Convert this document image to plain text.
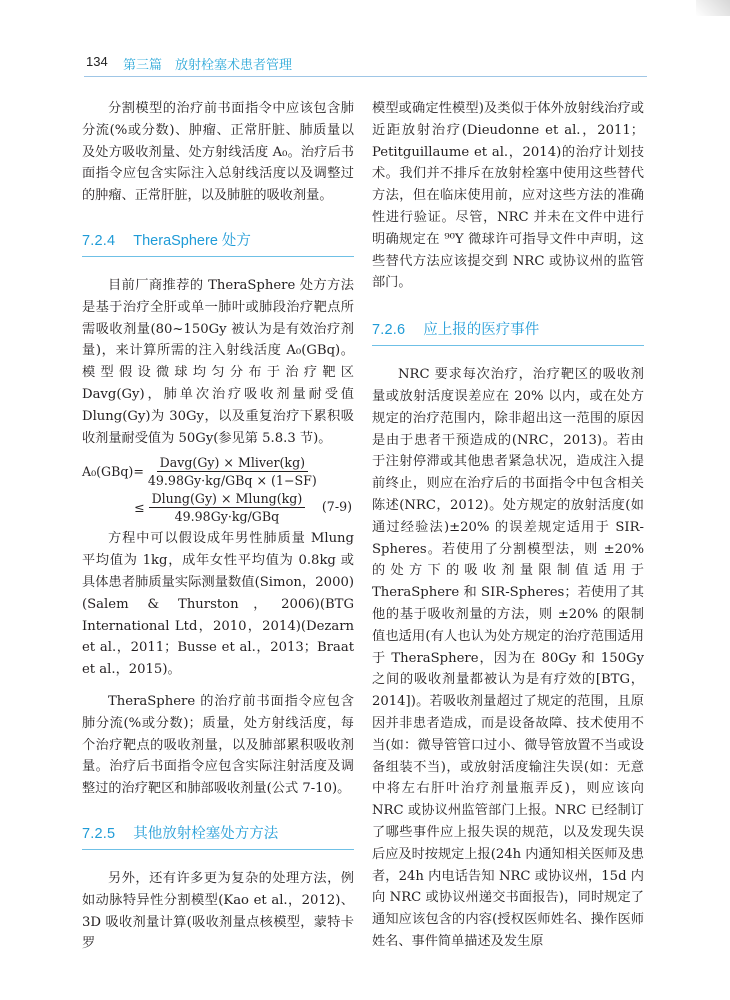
134 第三篇　放射栓塞术患者管理

分割模型的治疗前书面指令中应该包含肺分流(%或分数)、肿瘤、正常肝脏、肺质量以及处方吸收剂量、处方射线活度 A₀。治疗后书面指令应包含实际注入总射线活度以及调整过的肿瘤、正常肝脏，以及肺脏的吸收剂量。

7.2.4 TheraSphere 处方

目前厂商推荐的 TheraSphere 处方方法是基于治疗全肝或单一肺叶或肺段治疗靶点所需吸收剂量(80~150Gy 被认为是有效治疗剂量)，来计算所需的注入射线活度 A₀(GBq)。模型假设微球均匀分布于治疗靶区 Davg(Gy)，肺单次治疗吸收剂量耐受值 Dlung(Gy)为 30Gy，以及重复治疗下累积吸收剂量耐受值为 50Gy(参见第 5.8.3 节)。

$A_0(GBq)= \frac{\text{Davg(Gy) × Mliver(kg)}}{\text{49.98Gy·kg/GBq × (1−SF)}}$
≤ $\frac{\text{Dlung(Gy) × Mlung(kg)}}{\text{49.98Gy·kg/GBq}} (7-9)$

方程中可以假设成年男性肺质量 Mlung 平均值为 1kg，成年女性平均值为 0.8kg 或具体患者肺质量实际测量数值(Simon，2000)(Salem & Thurston，2006)(BTG International Ltd，2010，2014)(Dezarn et al.，2011；Busse et al.，2013；Braat et al.，2015)。

TheraSphere 的治疗前书面指令应包含肺分流(%或分数)；质量，处方射线活度，每个治疗靶点的吸收剂量，以及肺部累积吸收剂量。治疗后书面指令应包含实际注射活度及调整过的治疗靶区和肺部吸收剂量(公式 7-10)。

7.2.5 其他放射栓塞处方方法

另外，还有许多更为复杂的处理方法，例如动脉特异性分割模型(Kao et al.，2012)、3D 吸收剂量计算(吸收剂量点核模型，蒙特卡罗

模型或确定性模型)及类似于体外放射线治疗或近距放射治疗(Dieudonne et al.，2011；Petitguillaume et al.，2014)的治疗计划技术。我们并不排斥在放射栓塞中使用这些替代方法，但在临床使用前，应对这些方法的准确性进行验证。尽管，NRC 并未在文件中进行明确规定在 ⁹⁰Y 微球许可指导文件中声明，这些替代方法应该提交到 NRC 或协议州的监管部门。

7.2.6 应上报的医疗事件

NRC 要求每次治疗，治疗靶区的吸收剂量或放射活度误差应在 20% 以内，或在处方规定的治疗范围内，除非超出这一范围的原因是由于患者干预造成的(NRC，2013)。若由于注射停滞或其他患者紧急状况，造成注入提前终止，则应在治疗后的书面指令中包含相关陈述(NRC，2012)。处方规定的放射活度(如通过经验法)±20% 的误差规定适用于 SIR-Spheres。若使用了分割模型法，则 ±20% 的处方下的吸收剂量限制值适用于 TheraSphere 和 SIR-Spheres；若使用了其他的基于吸收剂量的方法，则 ±20% 的限制值也适用(有人也认为处方规定的治疗范围适用于 TheraSphere，因为在 80Gy 和 150Gy 之间的吸收剂量都被认为是有疗效的[BTG，2014])。若吸收剂量超过了规定的范围，且原因并非患者造成，而是设备故障、技术使用不当(如：微导管管口过小、微导管放置不当或设备组装不当)，或放射活度输注失误(如：无意中将左右肝叶治疗剂量瓶弄反)，则应该向 NRC 或协议州监管部门上报。NRC 已经制订了哪些事件应上报失误的规范，以及发现失误后应及时按规定上报(24h 内通知相关医师及患者，24h 内电话告知 NRC 或协议州，15d 内向 NRC 或协议州递交书面报告)，同时规定了通知应该包含的内容(授权医师姓名、操作医师姓名、事件简单描述及发生原
